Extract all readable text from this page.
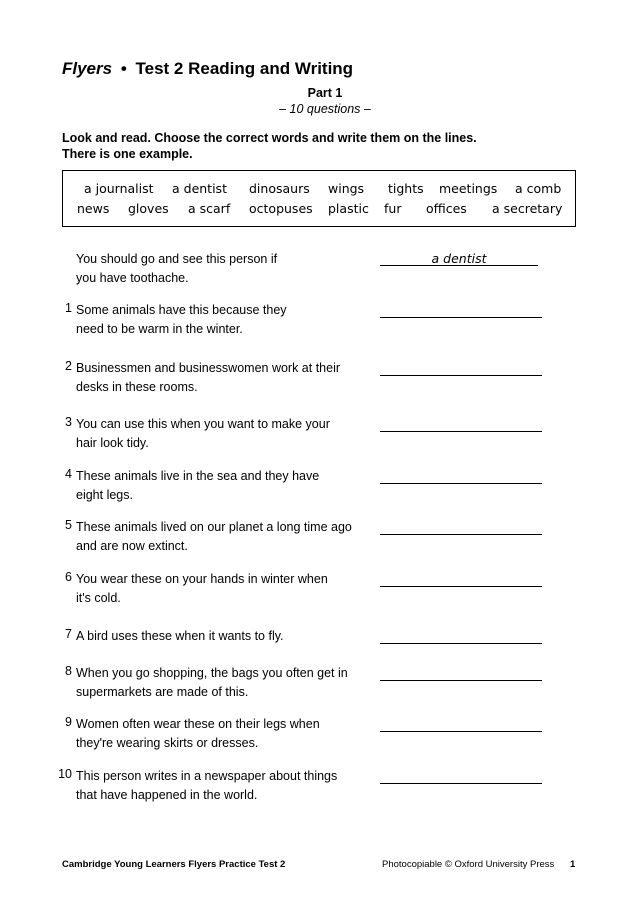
Flyers • Test 2 Reading and Writing
Part 1
– 10 questions –
Look and read. Choose the correct words and write them on the lines.
There is one example.
a journalist a dentist dinosaurs wings tights meetings a comb
news gloves a scarf octopuses plastic fur offices a secretary
You should go and see this person if
you have toothache.
a dentist
1 Some animals have this because they
need to be warm in the winter.
2 Businessmen and businesswomen work at their
desks in these rooms.
3 You can use this when you want to make your
hair look tidy.
4 These animals live in the sea and they have
eight legs.
5 These animals lived on our planet a long time ago
and are now extinct.
6 You wear these on your hands in winter when
it's cold.
7 A bird uses these when it wants to fly.
8 When you go shopping, the bags you often get in
supermarkets are made of this.
9 Women often wear these on their legs when
they're wearing skirts or dresses.
10 This person writes in a newspaper about things
that have happened in the world.
Cambridge Young Learners Flyers Practice Test 2	Photocopiable © Oxford University Press 1
